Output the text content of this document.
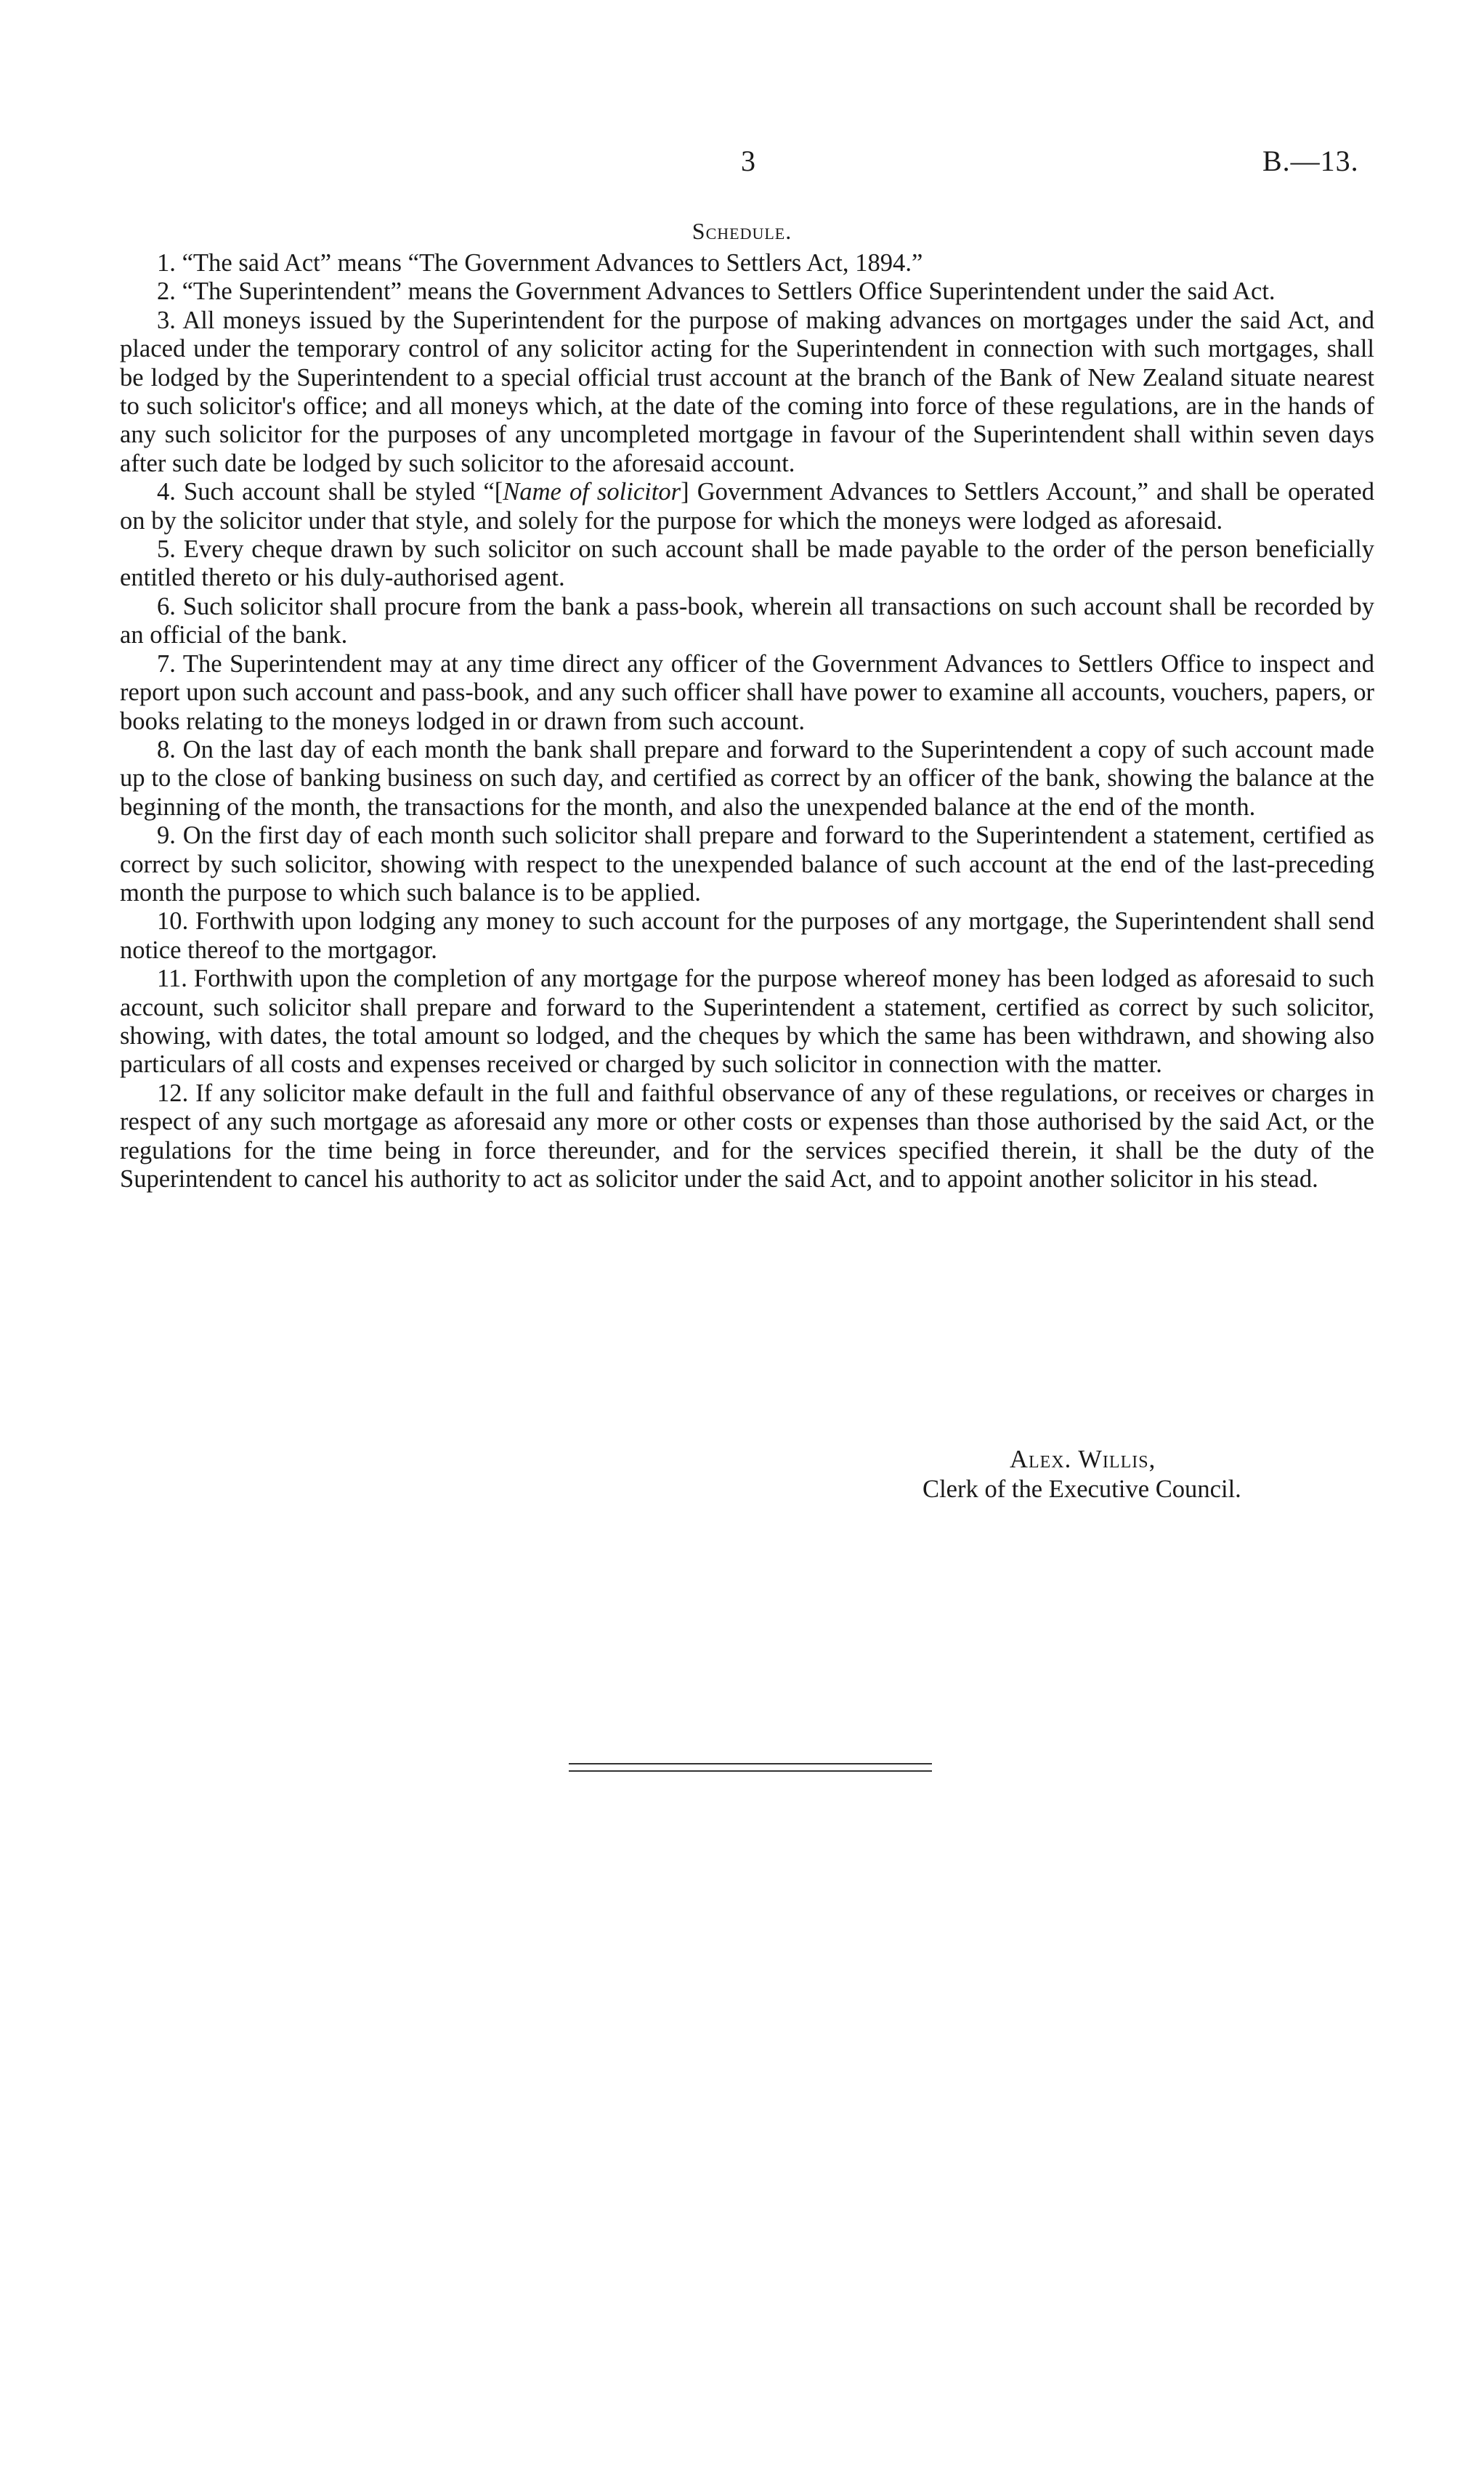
3	B.—13.
Schedule.

1. “The said Act” means “The Government Advances to Settlers Act, 1894.”

2. “The Superintendent” means the Government Advances to Settlers Office Superintendent under the said Act.

3. All moneys issued by the Superintendent for the purpose of making advances on mortgages under the said Act, and placed under the temporary control of any solicitor acting for the Superintendent in connection with such mortgages, shall be lodged by the Superintendent to a special official trust account at the branch of the Bank of New Zealand situate nearest to such solicitor's office; and all moneys which, at the date of the coming into force of these regulations, are in the hands of any such solicitor for the purposes of any uncompleted mortgage in favour of the Superintendent shall within seven days after such date be lodged by such solicitor to the aforesaid account.

4. Such account shall be styled “[Name of solicitor] Government Advances to Settlers Account,” and shall be operated on by the solicitor under that style, and solely for the purpose for which the moneys were lodged as aforesaid.

5. Every cheque drawn by such solicitor on such account shall be made payable to the order of the person beneficially entitled thereto or his duly-authorised agent.

6. Such solicitor shall procure from the bank a pass-book, wherein all transactions on such account shall be recorded by an official of the bank.

7. The Superintendent may at any time direct any officer of the Government Advances to Settlers Office to inspect and report upon such account and pass-book, and any such officer shall have power to examine all accounts, vouchers, papers, or books relating to the moneys lodged in or drawn from such account.

8. On the last day of each month the bank shall prepare and forward to the Superintendent a copy of such account made up to the close of banking business on such day, and certified as correct by an officer of the bank, showing the balance at the beginning of the month, the transactions for the month, and also the unexpended balance at the end of the month.

9. On the first day of each month such solicitor shall prepare and forward to the Superintendent a statement, certified as correct by such solicitor, showing with respect to the unexpended balance of such account at the end of the last-preceding month the purpose to which such balance is to be applied.

10. Forthwith upon lodging any money to such account for the purposes of any mortgage, the Superintendent shall send notice thereof to the mortgagor.

11. Forthwith upon the completion of any mortgage for the purpose whereof money has been lodged as aforesaid to such account, such solicitor shall prepare and forward to the Superintendent a statement, certified as correct by such solicitor, showing, with dates, the total amount so lodged, and the cheques by which the same has been withdrawn, and showing also particulars of all costs and expenses received or charged by such solicitor in connection with the matter.

12. If any solicitor make default in the full and faithful observance of any of these regulations, or receives or charges in respect of any such mortgage as aforesaid any more or other costs or expenses than those authorised by the said Act, or the regulations for the time being in force thereunder, and for the services specified therein, it shall be the duty of the Superintendent to cancel his authority to act as solicitor under the said Act, and to appoint another solicitor in his stead.

Alex. Willis,
Clerk of the Executive Council.
